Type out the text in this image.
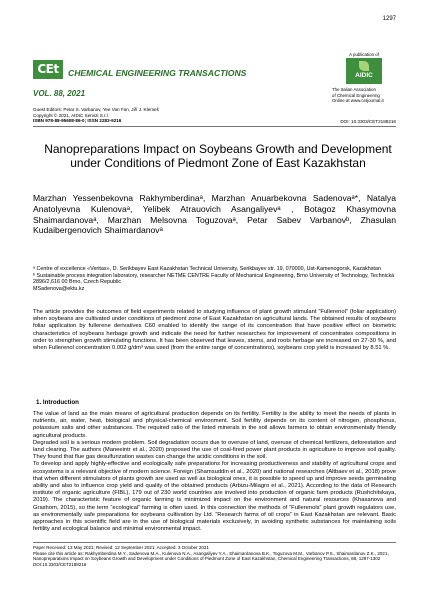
1297
CEt	CHEMICAL ENGINEERING TRANSACTIONS
VOL. 88, 2021
A publication of
AIDIC
The Italian Association
of Chemical Engineering
Online at www.cetjournal.it
Guest Editors: Petar S. Varbanov, Yee Van Fan, Jiří J. Klemeš
Copyright © 2021, AIDIC Servizi S.r.l.
ISBN 978-88-95608-86-0; ISSN 2283-9216	DOI: 10.3303/CET2188216
Nanopreparations Impact on Soybeans Growth and Development under Conditions of Piedmont Zone of East Kazakhstan
Marzhan Yessenbekovna Rakhymberdinaᵃ, Marzhan Anuarbekovna Sadenovaᵃ*, Natalya Anatolyevna Kulenovaᵃ, Yelibek Atrauovich Asangaliyevᵃ , Botagoz Khasymovna Shaimardanovaᵃ, Marzhan Melsovna Toguzovaᵃ, Petar Sabev Varbanovᵇ, Zhasulan Kudaibergenovich Shaimardanovᵃ
ᵃ Centre of excellence «Veritas», D. Serikbayev East Kazakhstan Technical University, Serikbayev str. 19, 070000, Ust-Kamenogorsk, Kazakhstan
ᵇ Sustainable process integration laboratory, researcher NETME CENTRE Faculty of Mechanical Engineering, Brno University of Technology, Technická 2896/2,616 00 Brno, Czech Republic
MSadenova@ektu.kz
The article provides the outcomes of field experiments related to studying influence of plant growth stimulant “Fullerenol” (foliar application) when soybeans are cultivated under conditions of piedmont zone of East Kazakhstan on agricultural lands. The obtained results of soybeans foliar application by fullerene derivatives C60 enabled to identify the range of its concentration that have positive effect on biometric characteristics of soybeans herbage growth and indicate the need for further researches for improvement of concentrates compositions in order to strengthen growth stimulating functions. It has been observed that leaves, stems, and roots herbage are increased on 27-30 %, and when Fullerenol concentration 0.002 g/dm³ was used (from the entire range of concentrations), soybeans crop yield is increased by 8.51 %.
1. Introduction

The value of land as the main means of agricultural production depends on its fertility. Fertility is the ability to meet the needs of plants in nutrients, air, water, heat, biological and physical-chemical environment. Soil fertility depends on its content of nitrogen, phosphorus, potassium salts and other substances. The required ratio of the listed minerals in the soil allows farmers to obtain environmentally friendly agricultural products.

Degraded soil is a serious modern problem. Soil degradation occurs due to overuse of land, overuse of chemical fertilizers, deforestation and land clearing. The authors (Maneeintr et al., 2020) proposed the use of coal-fired power plant products in agriculture to improve soil quality. They found that flue gas desulfurization wastes can change the acidic conditions in the soil.

To develop and apply highly-effective and ecologically safe preparations for increasing productiveness and stability of agricultural crops and ecosystems is a relevant objective of modern science. Foreign (Shamsuddin et al., 2020) and national researches (Altbaev et al., 2018) prove that when different stimulators of plants growth are used as well as biological ones, it is possible to speed up and improve seeds germinating ability and also to influence crop yield and quality of the obtained products (Arbizu-Milagro et al., 2021). According to the data of Research institute of organic agriculture (FIBL), 179 out of 230 world countries are involved into production of organic farm products (Rushchitskaya, 2019). The characteristic feature of organic farming is minimized impact on the environment and natural resources (Khasanova and Grashom, 2015), so the term “ecological” farming is often used. In this connection the methods of “Fullerenols” plant growth regulators use, as environmentally safe preparations for soybeans cultivation by Ltd. “Research farms of oil crops” in East Kazakhstan are relevant. Basic approaches in this scientific field are in the use of biological materials exclusively, in avoiding synthetic substances for maintaining soils fertility and ecological balance and minimal environmental impact.

Paper Received: 13 May 2021; Revised: 12 September 2021; Accepted: 3 October 2021
Please cite this article as: Rakhymberdina M.Y., Sadenova M.A., Kulenova N.A., Asangaliyev Y.A., Shaimardanova B.K., Toguzova M.M., Varbanov P.S., Shaimardanov Z.K., 2021, Nanopreparations Impact on Soybeans Growth and Development under Conditions of Piedmont Zone of East Kazakhstan, Chemical Engineering Transactions, 88, 1297-1302 DOI:10.3303/CET2188216
